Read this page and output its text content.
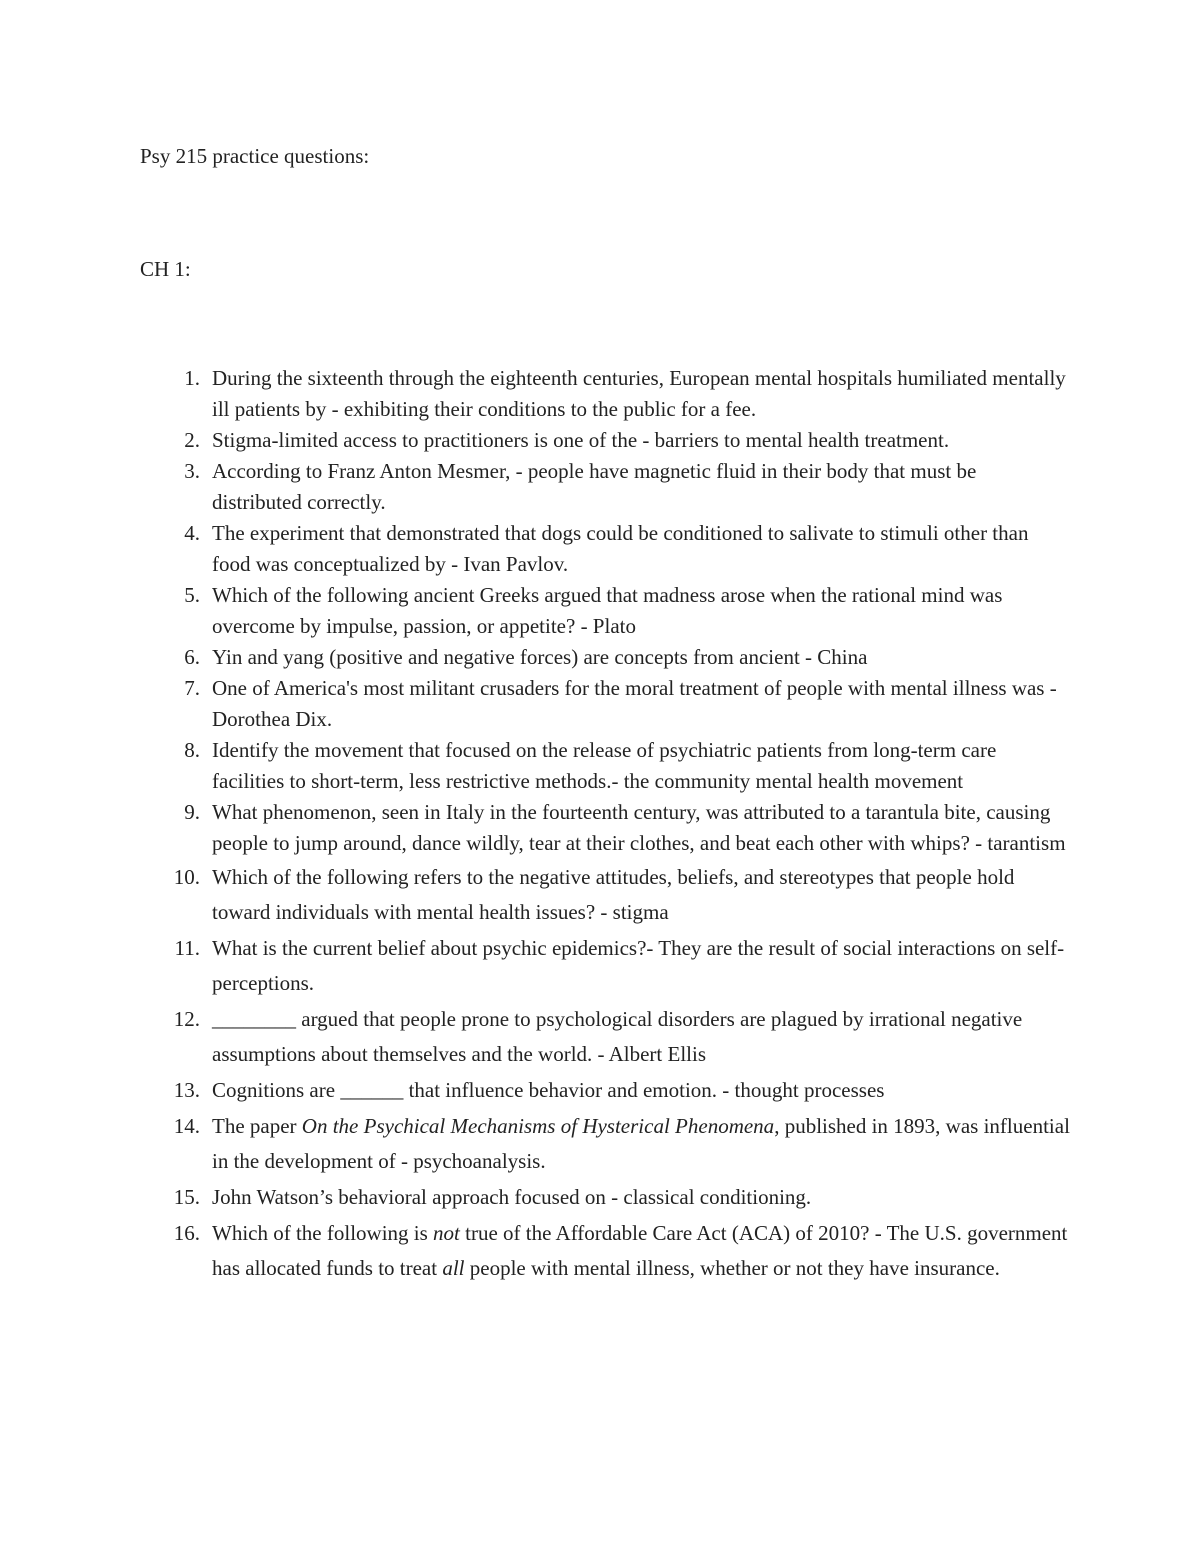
Psy 215 practice questions:
CH 1:
1. During the sixteenth through the eighteenth centuries, European mental hospitals humiliated mentally ill patients by - exhibiting their conditions to the public for a fee.
2. Stigma-limited access to practitioners is one of the - barriers to mental health treatment.
3. According to Franz Anton Mesmer, - people have magnetic fluid in their body that must be distributed correctly.
4. The experiment that demonstrated that dogs could be conditioned to salivate to stimuli other than food was conceptualized by - Ivan Pavlov.
5. Which of the following ancient Greeks argued that madness arose when the rational mind was overcome by impulse, passion, or appetite? - Plato
6. Yin and yang (positive and negative forces) are concepts from ancient - China
7. One of America's most militant crusaders for the moral treatment of people with mental illness was - Dorothea Dix.
8. Identify the movement that focused on the release of psychiatric patients from long-term care facilities to short-term, less restrictive methods.- the community mental health movement
9. What phenomenon, seen in Italy in the fourteenth century, was attributed to a tarantula bite, causing people to jump around, dance wildly, tear at their clothes, and beat each other with whips? - tarantism
10. Which of the following refers to the negative attitudes, beliefs, and stereotypes that people hold toward individuals with mental health issues? - stigma
11. What is the current belief about psychic epidemics?- They are the result of social interactions on self-perceptions.
12. ________ argued that people prone to psychological disorders are plagued by irrational negative assumptions about themselves and the world. - Albert Ellis
13. Cognitions are ______ that influence behavior and emotion. - thought processes
14. The paper On the Psychical Mechanisms of Hysterical Phenomena, published in 1893, was influential in the development of - psychoanalysis.
15. John Watson’s behavioral approach focused on - classical conditioning.
16. Which of the following is not true of the Affordable Care Act (ACA) of 2010? - The U.S. government has allocated funds to treat all people with mental illness, whether or not they have insurance.
